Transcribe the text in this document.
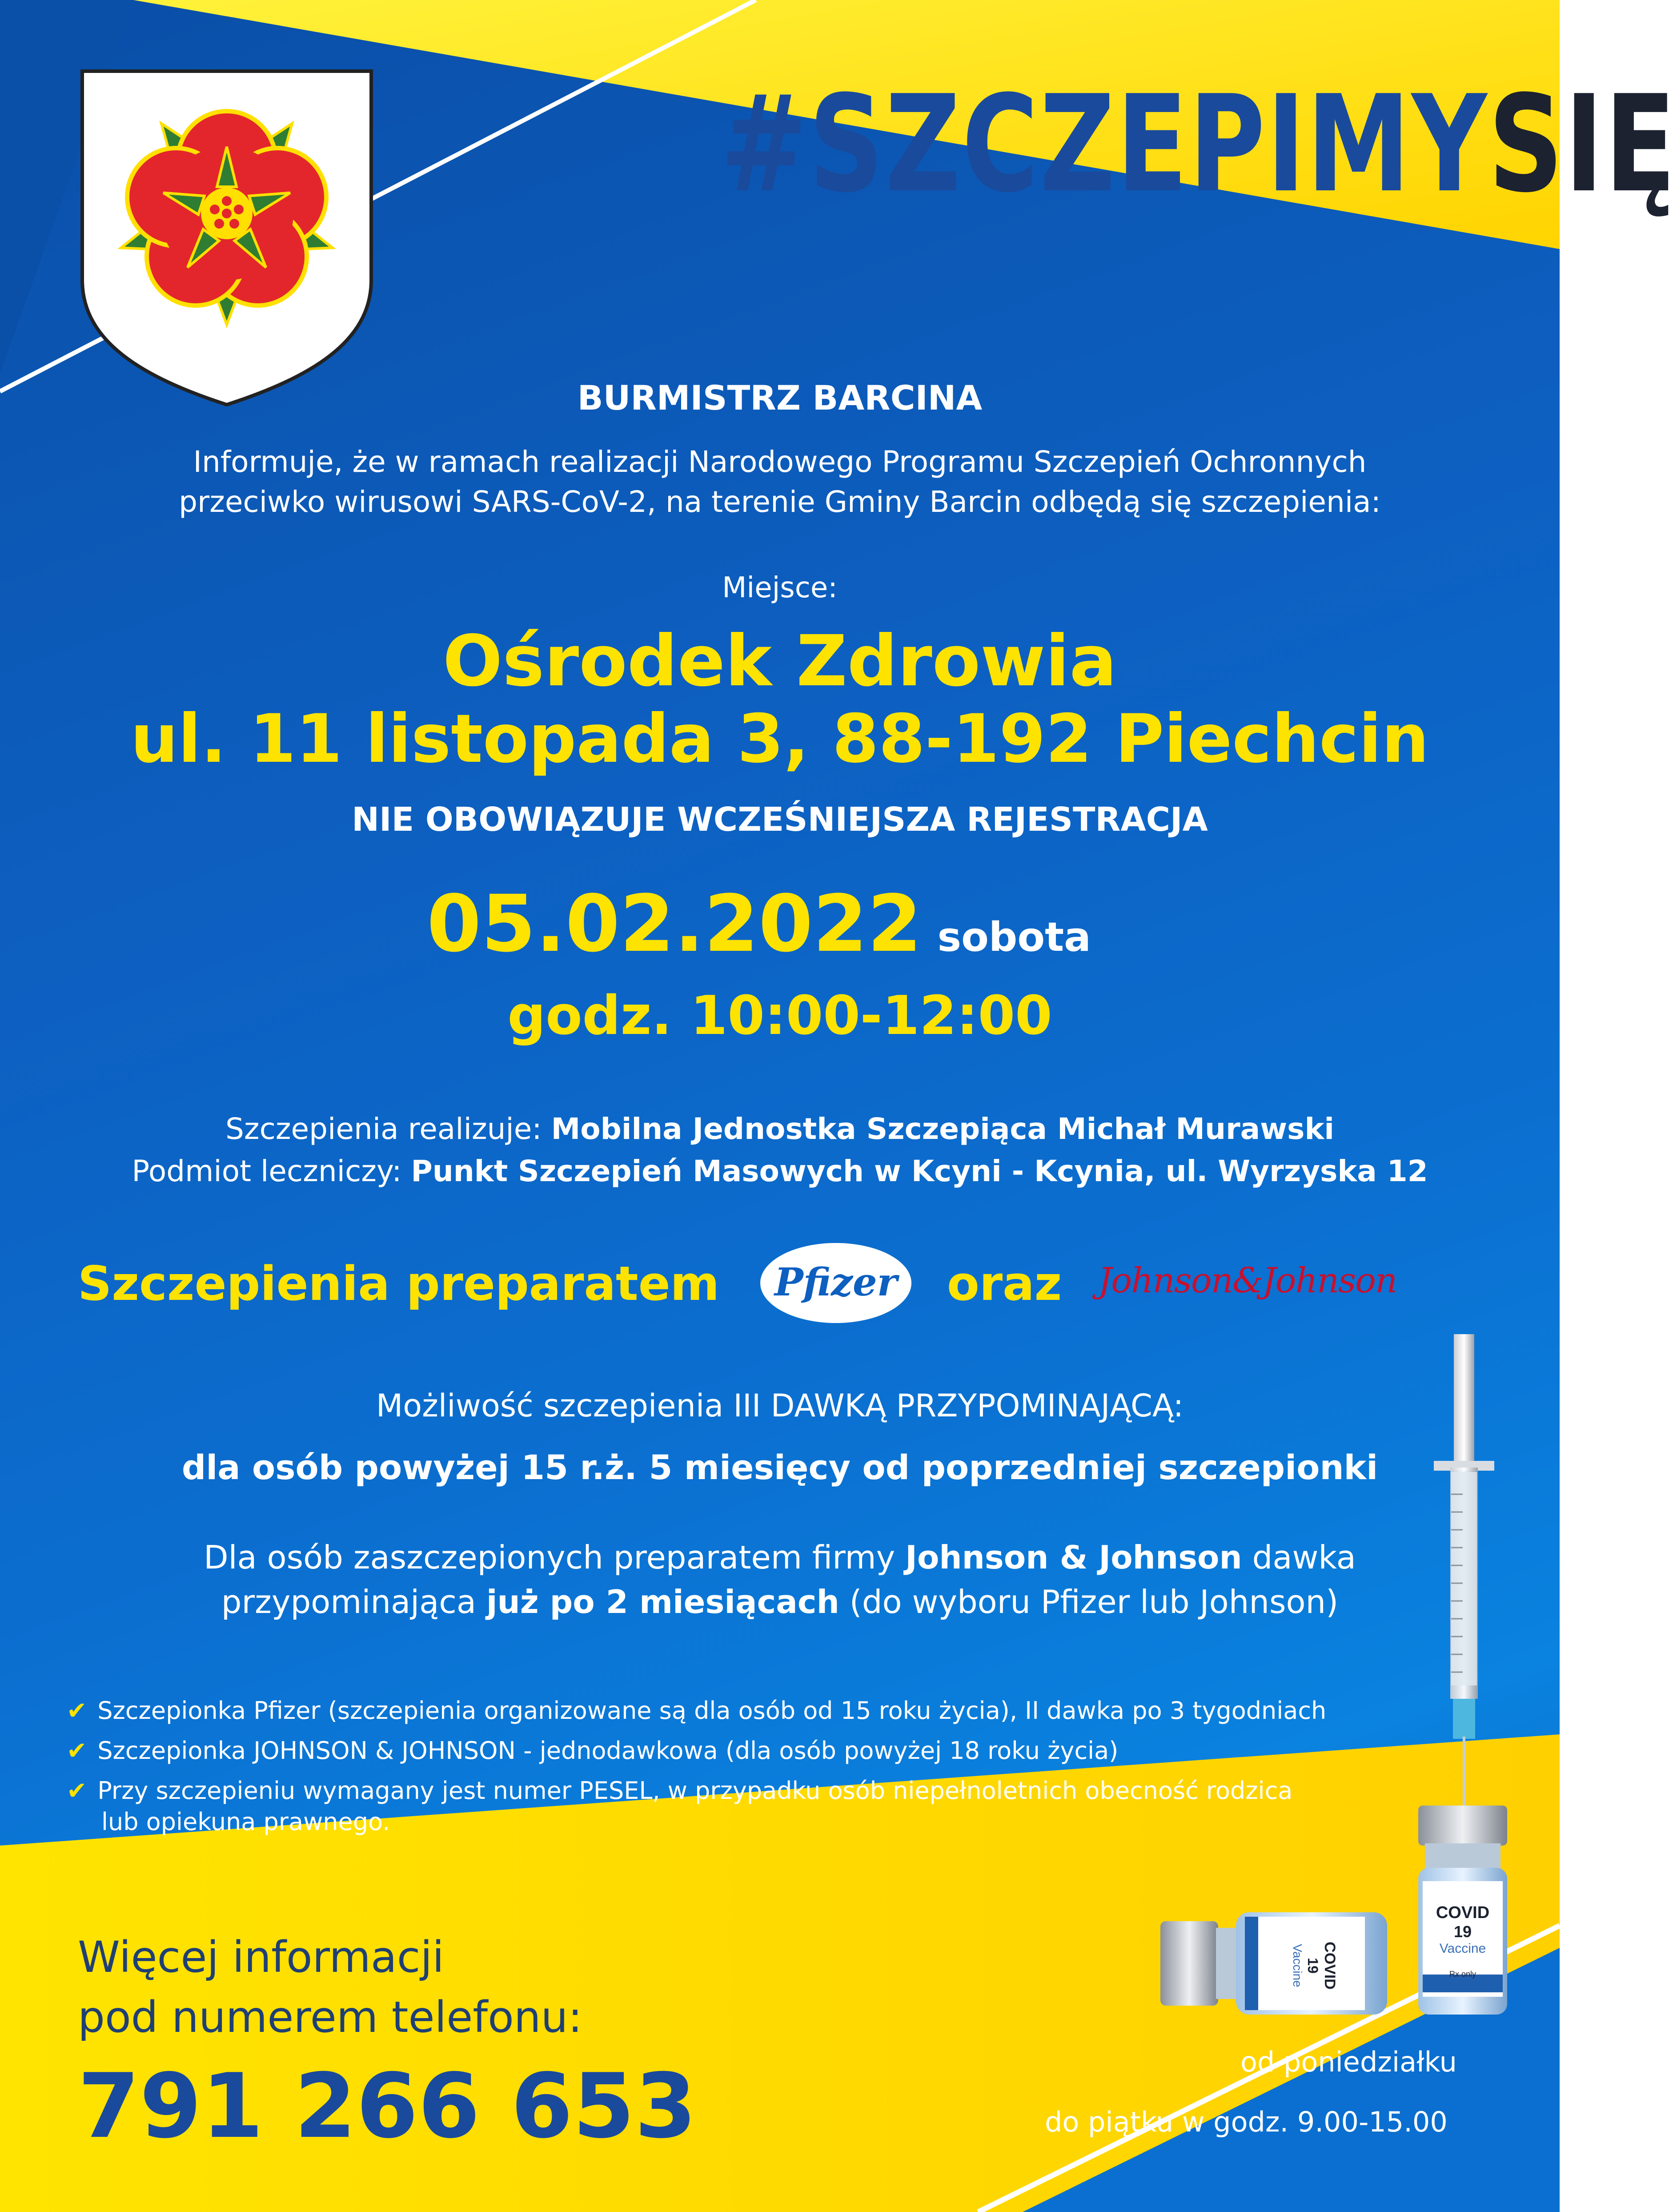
#SZCZEPIMYSIĘ
BURMISTRZ BARCINA
Informuje, że w ramach realizacji Narodowego Programu Szczepień Ochronnych
przeciwko wirusowi SARS-CoV-2, na terenie Gminy Barcin odbędą się szczepienia:
Miejsce:
Ośrodek Zdrowia
ul. 11 listopada 3, 88-192 Piechcin
NIE OBOWIĄZUJE WCZEŚNIEJSZA REJESTRACJA
05.02.2022 sobota
godz. 10:00-12:00
Szczepienia realizuje: Mobilna Jednostka Szczepiąca Michał Murawski
Podmiot leczniczy: Punkt Szczepień Masowych w Kcyni - Kcynia, ul. Wyrzyska 12
Szczepienia preparatem	Pfizer	oraz Johnson&Johnson
Możliwość szczepienia III DAWKĄ PRZYPOMINAJĄCĄ:
dla osób powyżej 15 r.ż. 5 miesięcy od poprzedniej szczepionki
Dla osób zaszczepionych preparatem firmy Johnson & Johnson dawka
przypominająca już po 2 miesiącach (do wyboru Pfizer lub Johnson)
✔ Szczepionka Pfizer (szczepienia organizowane są dla osób od 15 roku życia), II dawka po 3 tygodniach
✔ Szczepionka JOHNSON & JOHNSON - jednodawkowa (dla osób powyżej 18 roku życia)
✔ Przy szczepieniu wymagany jest numer PESEL, w przypadku osób niepełnoletnich obecność rodzica
lub opiekuna prawnego.
COVID
19
Vaccine
Rx only
COVID
19
Vaccine
Więcej informacji
pod numerem telefonu:
791 266 653	od poniedziałku
do piątku w godz. 9.00-15.00
